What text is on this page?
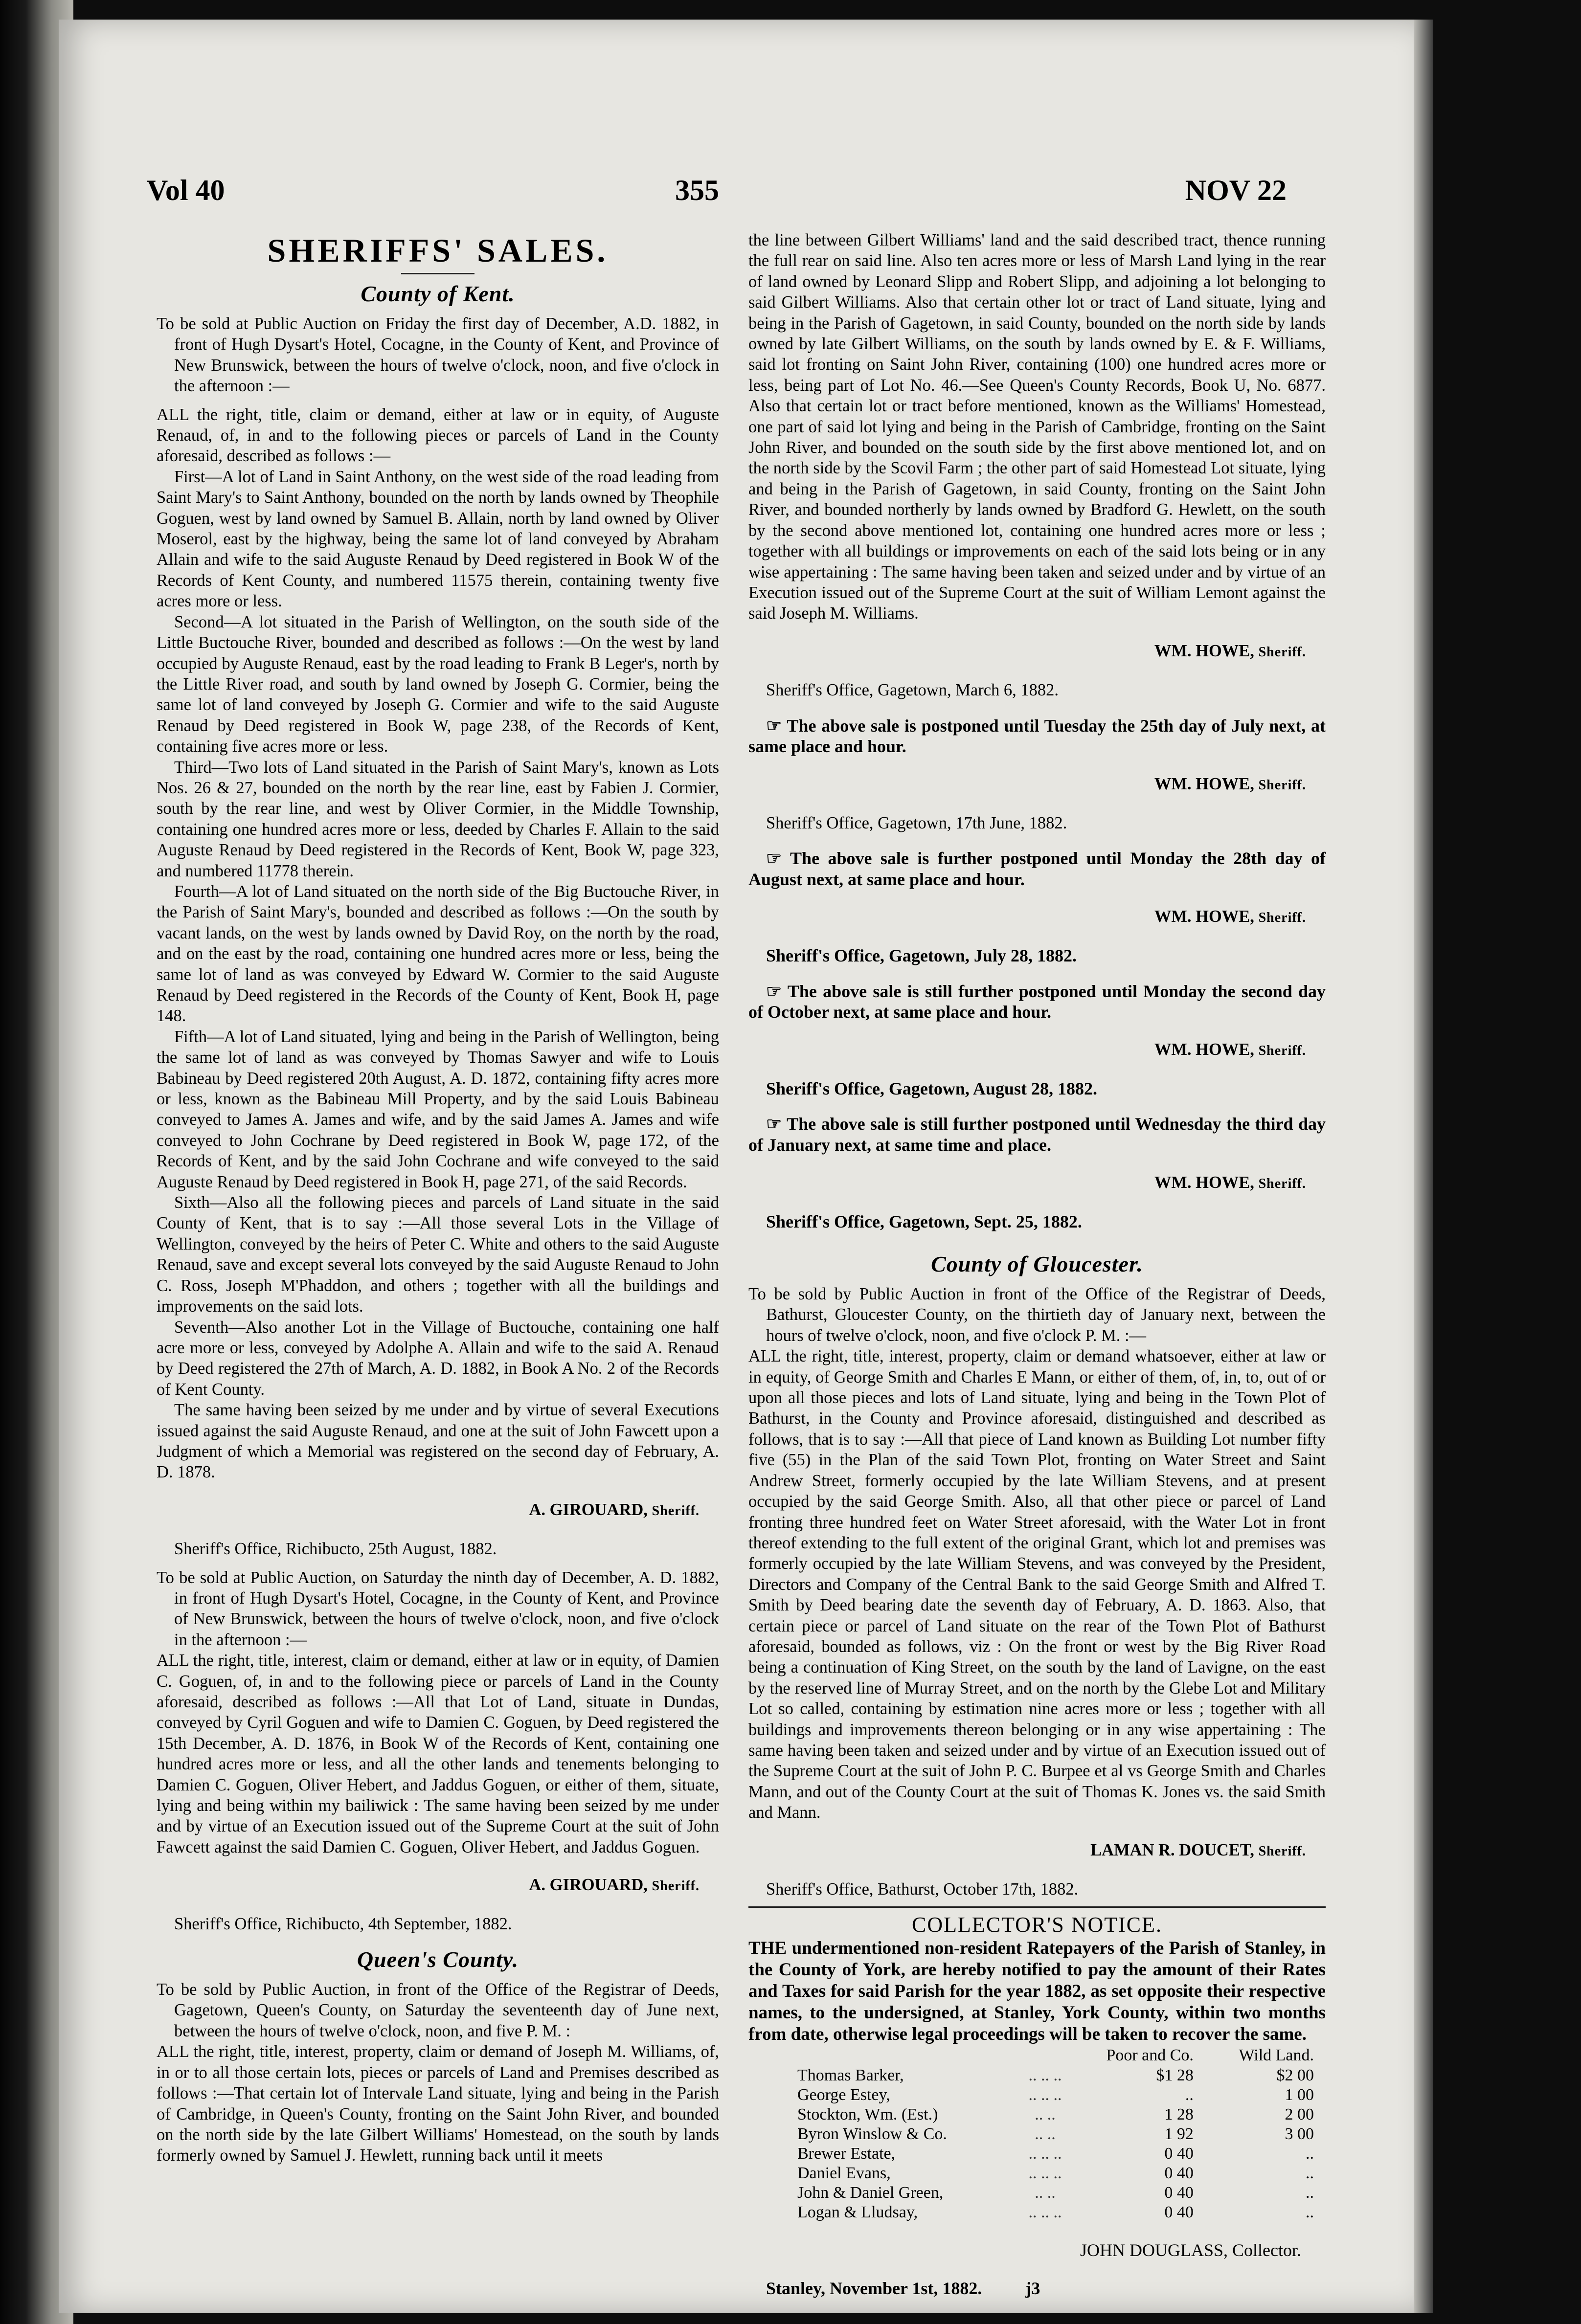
Vol 40	355	NOV 22

SHERIFFS' SALES.

County of Kent.

To be sold at Public Auction on Friday the first day of December, A.D. 1882, in front of Hugh Dysart's Hotel, Cocagne, in the County of Kent, and Province of New Brunswick, between the hours of twelve o'clock, noon, and five o'clock in the afternoon :—

ALL the right, title, claim or demand, either at law or in equity, of Auguste Renaud, of, in and to the following pieces or parcels of Land in the County aforesaid, described as follows :—

First—A lot of Land in Saint Anthony, on the west side of the road leading from Saint Mary's to Saint Anthony, bounded on the north by lands owned by Theophile Goguen, west by land owned by Samuel B. Allain, north by land owned by Oliver Moserol, east by the highway, being the same lot of land conveyed by Abraham Allain and wife to the said Auguste Renaud by Deed registered in Book W of the Records of Kent County, and numbered 11575 therein, containing twenty five acres more or less.

Second—A lot situated in the Parish of Wellington, on the south side of the Little Buctouche River, bounded and described as follows :—On the west by land occupied by Auguste Renaud, east by the road leading to Frank B Leger's, north by the Little River road, and south by land owned by Joseph G. Cormier, being the same lot of land conveyed by Joseph G. Cormier and wife to the said Auguste Renaud by Deed registered in Book W, page 238, of the Records of Kent, containing five acres more or less.

Third—Two lots of Land situated in the Parish of Saint Mary's, known as Lots Nos. 26 & 27, bounded on the north by the rear line, east by Fabien J. Cormier, south by the rear line, and west by Oliver Cormier, in the Middle Township, containing one hundred acres more or less, deeded by Charles F. Allain to the said Auguste Renaud by Deed registered in the Records of Kent, Book W, page 323, and numbered 11778 therein.

Fourth—A lot of Land situated on the north side of the Big Buctouche River, in the Parish of Saint Mary's, bounded and described as follows :—On the south by vacant lands, on the west by lands owned by David Roy, on the north by the road, and on the east by the road, containing one hundred acres more or less, being the same lot of land as was conveyed by Edward W. Cormier to the said Auguste Renaud by Deed registered in the Records of the County of Kent, Book H, page 148.

Fifth—A lot of Land situated, lying and being in the Parish of Wellington, being the same lot of land as was conveyed by Thomas Sawyer and wife to Louis Babineau by Deed registered 20th August, A. D. 1872, containing fifty acres more or less, known as the Babineau Mill Property, and by the said Louis Babineau conveyed to James A. James and wife, and by the said James A. James and wife conveyed to John Cochrane by Deed registered in Book W, page 172, of the Records of Kent, and by the said John Cochrane and wife conveyed to the said Auguste Renaud by Deed registered in Book H, page 271, of the said Records.

Sixth—Also all the following pieces and parcels of Land situate in the said County of Kent, that is to say :—All those several Lots in the Village of Wellington, conveyed by the heirs of Peter C. White and others to the said Auguste Renaud, save and except several lots conveyed by the said Auguste Renaud to John C. Ross, Joseph M'Phaddon, and others ; together with all the buildings and improvements on the said lots.

Seventh—Also another Lot in the Village of Buctouche, containing one half acre more or less, conveyed by Adolphe A. Allain and wife to the said A. Renaud by Deed registered the 27th of March, A. D. 1882, in Book A No. 2 of the Records of Kent County.

The same having been seized by me under and by virtue of several Executions issued against the said Auguste Renaud, and one at the suit of John Fawcett upon a Judgment of which a Memorial was registered on the second day of February, A. D. 1878.

A. GIROUARD, Sheriff.

Sheriff's Office, Richibucto, 25th August, 1882.

To be sold at Public Auction, on Saturday the ninth day of December, A. D. 1882, in front of Hugh Dysart's Hotel, Cocagne, in the County of Kent, and Province of New Brunswick, between the hours of twelve o'clock, noon, and five o'clock in the afternoon :—

ALL the right, title, interest, claim or demand, either at law or in equity, of Damien C. Goguen, of, in and to the following piece or parcels of Land in the County aforesaid, described as follows :—All that Lot of Land, situate in Dundas, conveyed by Cyril Goguen and wife to Damien C. Goguen, by Deed registered the 15th December, A. D. 1876, in Book W of the Records of Kent, containing one hundred acres more or less, and all the other lands and tenements belonging to Damien C. Goguen, Oliver Hebert, and Jaddus Goguen, or either of them, situate, lying and being within my bailiwick : The same having been seized by me under and by virtue of an Execution issued out of the Supreme Court at the suit of John Fawcett against the said Damien C. Goguen, Oliver Hebert, and Jaddus Goguen.

A. GIROUARD, Sheriff.

Sheriff's Office, Richibucto, 4th September, 1882.

Queen's County.

To be sold by Public Auction, in front of the Office of the Registrar of Deeds, Gagetown, Queen's County, on Saturday the seventeenth day of June next, between the hours of twelve o'clock, noon, and five P. M. :

ALL the right, title, interest, property, claim or demand of Joseph M. Williams, of, in or to all those certain lots, pieces or parcels of Land and Premises described as follows :—That certain lot of Intervale Land situate, lying and being in the Parish of Cambridge, in Queen's County, fronting on the Saint John River, and bounded on the north side by the late Gilbert Williams' Homestead, on the south by lands formerly owned by Samuel J. Hewlett, running back until it meets

the line between Gilbert Williams' land and the said described tract, thence running the full rear on said line. Also ten acres more or less of Marsh Land lying in the rear of land owned by Leonard Slipp and Robert Slipp, and adjoining a lot belonging to said Gilbert Williams. Also that certain other lot or tract of Land situate, lying and being in the Parish of Gagetown, in said County, bounded on the north side by lands owned by late Gilbert Williams, on the south by lands owned by E. & F. Williams, said lot fronting on Saint John River, containing (100) one hundred acres more or less, being part of Lot No. 46.—See Queen's County Records, Book U, No. 6877. Also that certain lot or tract before mentioned, known as the Williams' Homestead, one part of said lot lying and being in the Parish of Cambridge, fronting on the Saint John River, and bounded on the south side by the first above mentioned lot, and on the north side by the Scovil Farm ; the other part of said Homestead Lot situate, lying and being in the Parish of Gagetown, in said County, fronting on the Saint John River, and bounded northerly by lands owned by Bradford G. Hewlett, on the south by the second above mentioned lot, containing one hundred acres more or less ; together with all buildings or improvements on each of the said lots being or in any wise appertaining : The same having been taken and seized under and by virtue of an Execution issued out of the Supreme Court at the suit of William Lemont against the said Joseph M. Williams.

WM. HOWE, Sheriff.

Sheriff's Office, Gagetown, March 6, 1882.

☞ The above sale is postponed until Tuesday the 25th day of July next, at same place and hour.

WM. HOWE, Sheriff.

Sheriff's Office, Gagetown, 17th June, 1882.

☞ The above sale is further postponed until Monday the 28th day of August next, at same place and hour.

WM. HOWE, Sheriff.

Sheriff's Office, Gagetown, July 28, 1882.

☞ The above sale is still further postponed until Monday the second day of October next, at same place and hour.

WM. HOWE, Sheriff.

Sheriff's Office, Gagetown, August 28, 1882.

☞ The above sale is still further postponed until Wednesday the third day of January next, at same time and place.

WM. HOWE, Sheriff.

Sheriff's Office, Gagetown, Sept. 25, 1882.

County of Gloucester.

To be sold by Public Auction in front of the Office of the Registrar of Deeds, Bathurst, Gloucester County, on the thirtieth day of January next, between the hours of twelve o'clock, noon, and five o'clock P. M. :—

ALL the right, title, interest, property, claim or demand whatsoever, either at law or in equity, of George Smith and Charles E Mann, or either of them, of, in, to, out of or upon all those pieces and lots of Land situate, lying and being in the Town Plot of Bathurst, in the County and Province aforesaid, distinguished and described as follows, that is to say :—All that piece of Land known as Building Lot number fifty five (55) in the Plan of the said Town Plot, fronting on Water Street and Saint Andrew Street, formerly occupied by the late William Stevens, and at present occupied by the said George Smith. Also, all that other piece or parcel of Land fronting three hundred feet on Water Street aforesaid, with the Water Lot in front thereof extending to the full extent of the original Grant, which lot and premises was formerly occupied by the late William Stevens, and was conveyed by the President, Directors and Company of the Central Bank to the said George Smith and Alfred T. Smith by Deed bearing date the seventh day of February, A. D. 1863. Also, that certain piece or parcel of Land situate on the rear of the Town Plot of Bathurst aforesaid, bounded as follows, viz : On the front or west by the Big River Road being a continuation of King Street, on the south by the land of Lavigne, on the east by the reserved line of Murray Street, and on the north by the Glebe Lot and Military Lot so called, containing by estimation nine acres more or less ; together with all buildings and improvements thereon belonging or in any wise appertaining : The same having been taken and seized under and by virtue of an Execution issued out of the Supreme Court at the suit of John P. C. Burpee et al vs George Smith and Charles Mann, and out of the County Court at the suit of Thomas K. Jones vs. the said Smith and Mann.

LAMAN R. DOUCET, Sheriff.

Sheriff's Office, Bathurst, October 17th, 1882.

COLLECTOR'S NOTICE.

THE undermentioned non-resident Ratepayers of the Parish of Stanley, in the County of York, are hereby notified to pay the amount of their Rates and Taxes for said Parish for the year 1882, as set opposite their respective names, to the undersigned, at Stanley, York County, within two months from date, otherwise legal proceedings will be taken to recover the same.

		Poor and Co.	Wild Land.
Thomas Barker,	.. .. ..	$1 28	$2 00
George Estey,	.. .. ..	..	1 00
Stockton, Wm. (Est.)	.. ..	1 28	2 00
Byron Winslow & Co.	.. ..	1 92	3 00
Brewer Estate,	.. .. ..	0 40	..
Daniel Evans,	.. .. ..	0 40	..
John & Daniel Green,	.. ..	0 40	..
Logan & Lludsay,	.. .. ..	0 40	..

JOHN DOUGLASS, Collector.

Stanley, November 1st, 1882. j3
